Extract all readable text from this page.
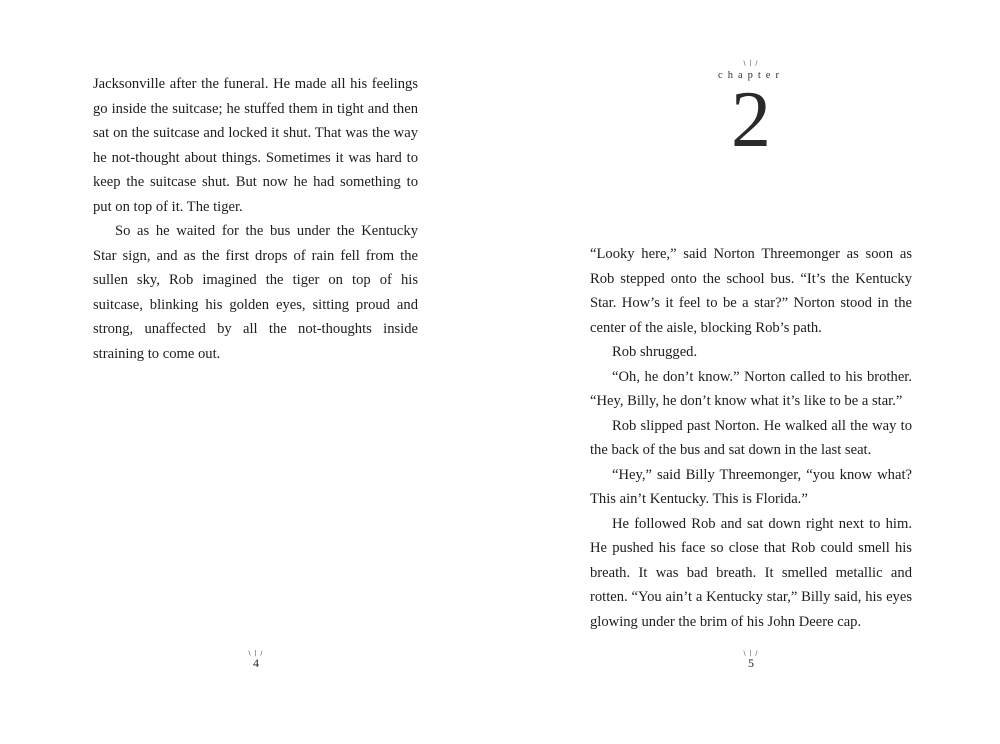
Jacksonville after the funeral. He made all his feelings go inside the suitcase; he stuffed them in tight and then sat on the suitcase and locked it shut. That was the way he not-thought about things. Sometimes it was hard to keep the suitcase shut. But now he had something to put on top of it. The tiger.

So as he waited for the bus under the Kentucky Star sign, and as the first drops of rain fell from the sullen sky, Rob imagined the tiger on top of his suitcase, blinking his golden eyes, sitting proud and strong, unaffected by all the not-thoughts inside straining to come out.

\ | /
4
\ | /
chapter
2

“Looky here,” said Norton Threemonger as soon as Rob stepped onto the school bus. “It’s the Kentucky Star. How’s it feel to be a star?” Norton stood in the center of the aisle, blocking Rob’s path.

Rob shrugged.

“Oh, he don’t know.” Norton called to his brother. “Hey, Billy, he don’t know what it’s like to be a star.”

Rob slipped past Norton. He walked all the way to the back of the bus and sat down in the last seat.

“Hey,” said Billy Threemonger, “you know what? This ain’t Kentucky. This is Florida.”

He followed Rob and sat down right next to him. He pushed his face so close that Rob could smell his breath. It was bad breath. It smelled metallic and rotten. “You ain’t a Kentucky star,” Billy said, his eyes glowing under the brim of his John Deere cap.

\ | /
5
